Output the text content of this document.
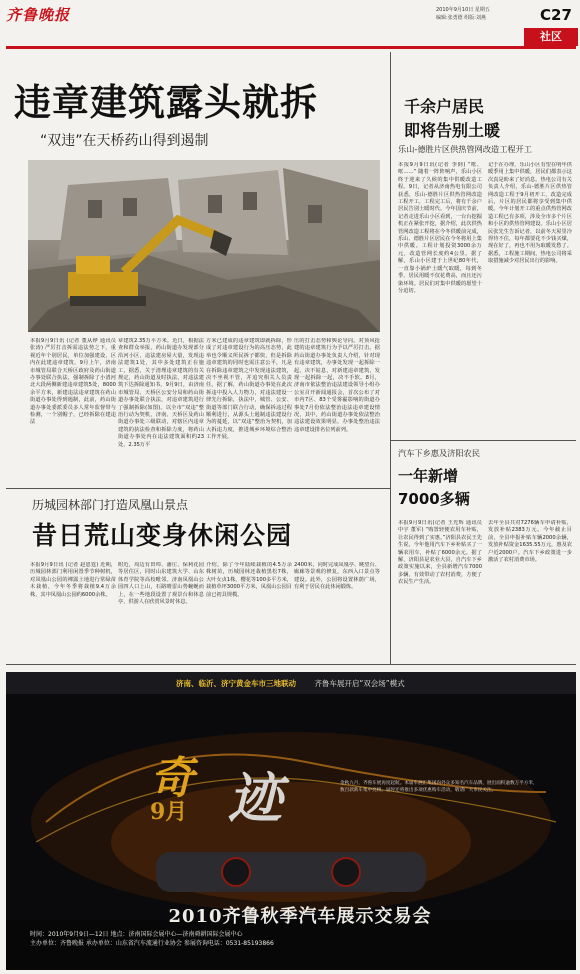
齐鲁晚报	2010年9月10日 星期五
编辑:张勇德 组版:刘燕	C27
社区
违章建筑露头就拆
“双违”在天桥药山得到遏制
本报9月9日讯 (记者 董从烨 通讯员 张涛) 严厉打击拆需违法势之下，重视近年个别居民，单位加强建设，区内在此建违章建筑，9月上午，济南市城管局联合天桥区政府及药山街道办事处联合执法，强制拆除了小清河北大段两侧新建违章建筑5处，8000余平方米，新建违法违章建筑在药山街道办事处得到遏制，此前，药山街道办事处委派委员多人常年监督带与检测，一个别帽子，已经拆除在建违法
章建筑2.35万平方米。近日，根据法查和群众举报，药山街道办发现部分沿河小区，违法建房屋大量，发现违法建筑1处，其中多处建筑正在施工，据悉，关于清理违章建筑的有关规定，药山街道及时执法，对违法建筑下达拆除通知书，9月9日，由济南市城管局、天桥区公安分局和药山街道办事处联合执法，对违章建筑进行了强制拆除(如图)。以全市“双违”整治行动为契机，济南、天桥区及药山街道办事处三级联动，对辖区内违章建筑的执法检查和拆除力度，将药山街道办事处内在违法建筑面积约23处，2.35万平
方米已建成的违章建筑即就拆除，形成了对违章建设行为的高压态势，此举也令顺义所民拆子都快，但是拆除违章建筑的同时也需注意公平，凡是在拆除违章建筑之中发现违法建筑，决不坐视不管，并追究相关人员责任。据了解，药山街道办事处在此次拆违中投入人力物力，对违法建设一律先行拆除，执法中，城管、公安、街道等部门联合行动，确保拆违过程顺利进行，从源头上遏制违法建设行为的蔓延，以“双违”整治为契机，加大拆违力度，推进城乡环境综合整治工作开展。
压的打击态势和舆论导向。对顶风抢建的违章建筑行为予以严厉打击。据药山街道办事处负责人介绍，针对现有违章建筑，办事处发现一起拆除一起，决不姑息，对新建违章建筑，发现一起拆除一起，决不手软。8月，济南市依法整治违法建设领导小组办公室召开新闻通报会，首次公布了对市内7区、83个受雾霾影响的街道办事处7月份依法整治违法违章建设情况，其中，药山街道办事处依法整治违法建设效果明显，办事处整治违法违章建设排名位列前列。
千余户居民
即将告别土暖
乐山-德胜片区供热管网改造工程开工
本报9月9日讯(记者 李倒) “哐、哐……” 随着一阵阵响声，乐山小区终于迎来了久候的集中供暖改造工程。9日，记者从济南热电有限公司获悉，乐山-德胜片区供热管网改造工程开工，工程完工后，将有千余户居民告别土暖时代。今年国庆节前，记者走进乐山小区看到，一台台挖掘机正在紧张开挖，据介绍，此次供热管网改造工程将在今冬供暖前完成，乐山、德胜片区居民在今冬将用上集中供暖。工程计划投资3000余万元，改造管网长度约4公里。据了解，乐山小区建于上世纪80年代，一直靠小锅炉土暖气取暖，每到冬季，居民用暖不仅花费高，而且还污染环境。居民们对集中供暖的愿望十分迫切。
记于在办理，乐山小区有望在明年供暖季用上集中供暖，居民们都表示这次真是盼来了好消息。热电公司有关负责人介绍，乐山-德胜片区供热管网改造工程于9月初开工，改造完成后，片区的居民都将享受到集中供暖。今年计划开工的重点供热管网改造工程已有多项，涉及全市多个片区和小区的供热管网建设。乐山小区居民张先生告诉记者，以前冬天屋里冷得待不住，每年都要花不少钱买煤，现在好了，再也不用为取暖发愁了。据悉，工程施工期间，热电公司将采取措施减少对居民出行的影响。
历城园林部门打造凤凰山景点
昔日荒山变身休闲公园
本报9月9日讯 (记者 赵恩霆) 近期，历城园林部门利用闲置季节种树机，对凤凰山公园的裸露土地进行常绿苗木栽植，今年冬季将栽植9.4万余株，其中凤凰山公园约6000余株。
附近，周边有田埠、潘庄、保利花园等居住区，同时山东建筑大学、山东体育学院等高校毗邻。济南凤凰山公园四人口上山，石路晴雷山势蜿蜒而上，在一些地段设置了观景台和休息亭，供游人在欣赏风景时休息。
介绍，除了今年陆续栽植的4.5万余株树苗，历城园林还栽植黑松7株，大叶女贞1株，樱花等100多平方米，栽植草坪3000平方米，凤凰山公园目前已初具规模。
2400米，同时完成凤凰亭、眺望台、廊廊等景观的修复，东西入口景点等建设。此外，公园将设置林荫广场，有利于居民在此休闲锻炼。
汽车下乡惠及济阳农民
一年新增
7000多辆
本报9月9日讯(记者 王光辉 通讯员 中宇 董军) “购置轻便农用车补贴，让农民得到了实惠。”济阳县农民王先生说，今年他用汽车下乡补贴买了一辆农用车，补贴了6000余元。据了解，济阳县是农业大县，自汽车下乡政策实施以来，全县新增汽车7000多辆，有效带动了农村消费，方便了农民生产生活。
去年全县共对7276辆车申请补贴，发放补贴2383万元。今年截止目前，全县申报补贴车辆2000余辆，发放补贴资金1635.55万元，惠及农户近2000户。汽车下乡政策进一步激活了农村消费市场。
济南、临沂、济宁黄金车市三地联动 齐鲁车展开启“双会场”模式
奇 迹
9月
金秋九月，齐鲁车展再度起航。本届车展汇集国内外众多知名汽车品牌，展出面积逾数万平方米，数百款新车集中亮相。届时还将推出多项优惠购车活动，敬请广大市民关注。
2010齐鲁秋季汽车展示交易会
时间：2010年9月9日—12日 地点：济南国际会展中心—济南舜耕国际会展中心
主办单位：齐鲁晚报 承办单位：山东省汽车流通行业协会 参展咨询电话：0531-85193866
